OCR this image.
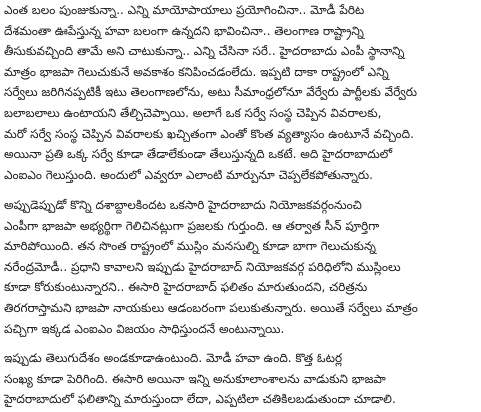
ఎంత బలం పుంజుకున్నా.. ఎన్ని మాయోపాయాలు ప్రయోగించినా.. మోడీ పేరిట
దేశమంతా ఊపేస్తున్న హవా బలంగా ఉన్నదని భావించినా.. తెలంగాణ రాష్ట్రాన్ని
తీసుకువచ్చింది తామే అని చాటుకున్నా.. ఎన్ని చేసినా సరే.. హైదరాబాదు ఎంపీ స్థానాన్ని
మాత్రం భాజపా గెలుచుకునే అవకాశం కనిపించడంలేదు. ఇప్పటి దాకా రాష్ట్రంలో ఎన్ని
సర్వేలు జరిగినప్పటికీ ఇటు తెలంగాణలోను, అటు సీమాంధ్రలోనూ వేర్వేరు పార్టీలకు వేర్వేరు
బలాబలాలు ఉంటాయని తేల్చిచెప్పాయి. అలాగే ఒక సర్వే సంస్థ చెప్పిన వివరాలకు,
మరో సర్వే సంస్థ చెప్పిన వివరాలకు ఖచ్చితంగా ఎంతో కొంత వ్యత్యాసం ఉంటూనే వచ్చింది.
అయినా ప్రతి ఒక్క సర్వే కూడా తేడాలేకుండా తేలుస్తున్నది ఒకటే. అది హైదరాబాదులో
ఎంఐఎం గెలుస్తుంది. అందులో ఎవ్వరూ ఎలాంటి మార్పునూ చెప్పలేకపోతున్నారు.
అప్పుడెప్పుడో కొన్ని దశాబ్దాలకిందట ఒకసారి హైదరాబాదు నియోజకవర్గంనుంచి
ఎంపీగా భాజపా అభ్యర్థిగా గెలిచినట్లుగా ప్రజలకు గుర్తుంది. ఆ తర్వాత సీన్ పూర్తిగా
మారిపోయింది. తన సొంత రాష్ట్రంలో ముస్లిం మనసుల్ని కూడా బాగా గెలుచుకున్న
నరేంద్రమోడీ.. ప్రధాని కావాలని ఇప్పుడు హైదరాబాద్ నియోజకవర్గ పరిధిలోని ముస్లింలు
కూడా కోరుకుంటున్నారని.. ఈసారి హైదరాబాద్ ఫలితం మారుతుందని, చరిత్రను
తిరగరాస్తామని భాజపా నాయకులు ఆడంబరంగా పలుకుతున్నారు. అయితే సర్వేలు మాత్రం
పచ్చిగా ఇక్కడ ఎంఐఎం విజయం సాధిస్తుందనే అంటున్నాయి.
ఇప్పుడు తెలుగుదేశం అండకూడాఉంటుంది. మోడీ హవా ఉంది. కొత్త ఓటర్ల
సంఖ్య కూడా పెరిగింది. ఈసారి అయినా ఇన్ని అనుకూలాంశాలను వాడుకుని భాజపా
హైదరాబాదులో ఫలితాన్ని మారుస్తుందా లేదా, ఎప్పటిలా చతికిలబడుతుందా చూడాలి.
